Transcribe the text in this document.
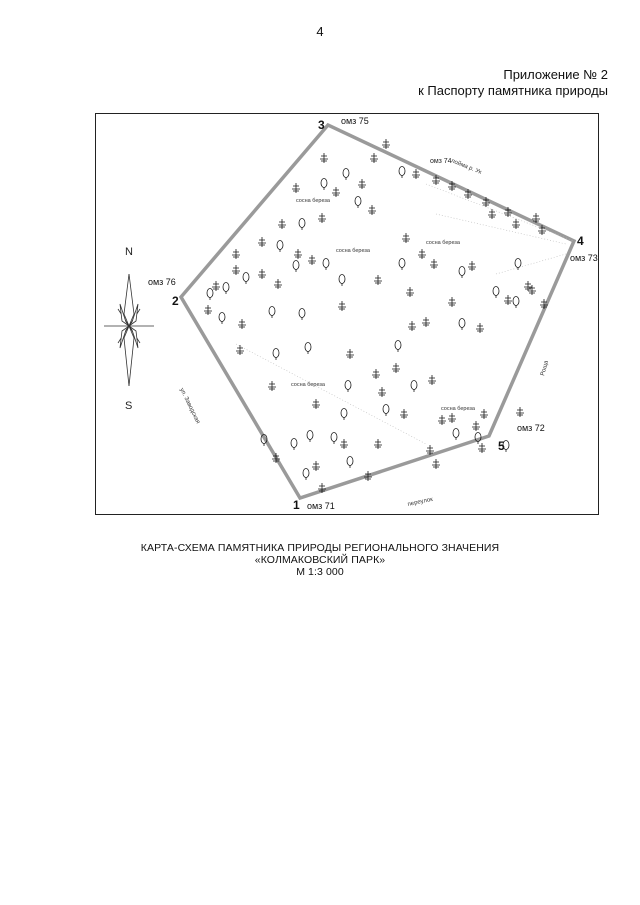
4
Приложение № 2
к Паспорту памятника природы
N
S
1
2
3
4
5
омз 71
омз 76
омз 75
омз 74
омз 72
омз 73
пойма р. Ук
ул. Заводская
Роща
переулок
сосна береза
сосна береза
сосна береза
сосна береза
сосна береза
КАРТА-СХЕМА ПАМЯТНИКА ПРИРОДЫ РЕГИОНАЛЬНОГО ЗНАЧЕНИЯ
«КОЛМАКОВСКИЙ ПАРК»
М 1:3 000
